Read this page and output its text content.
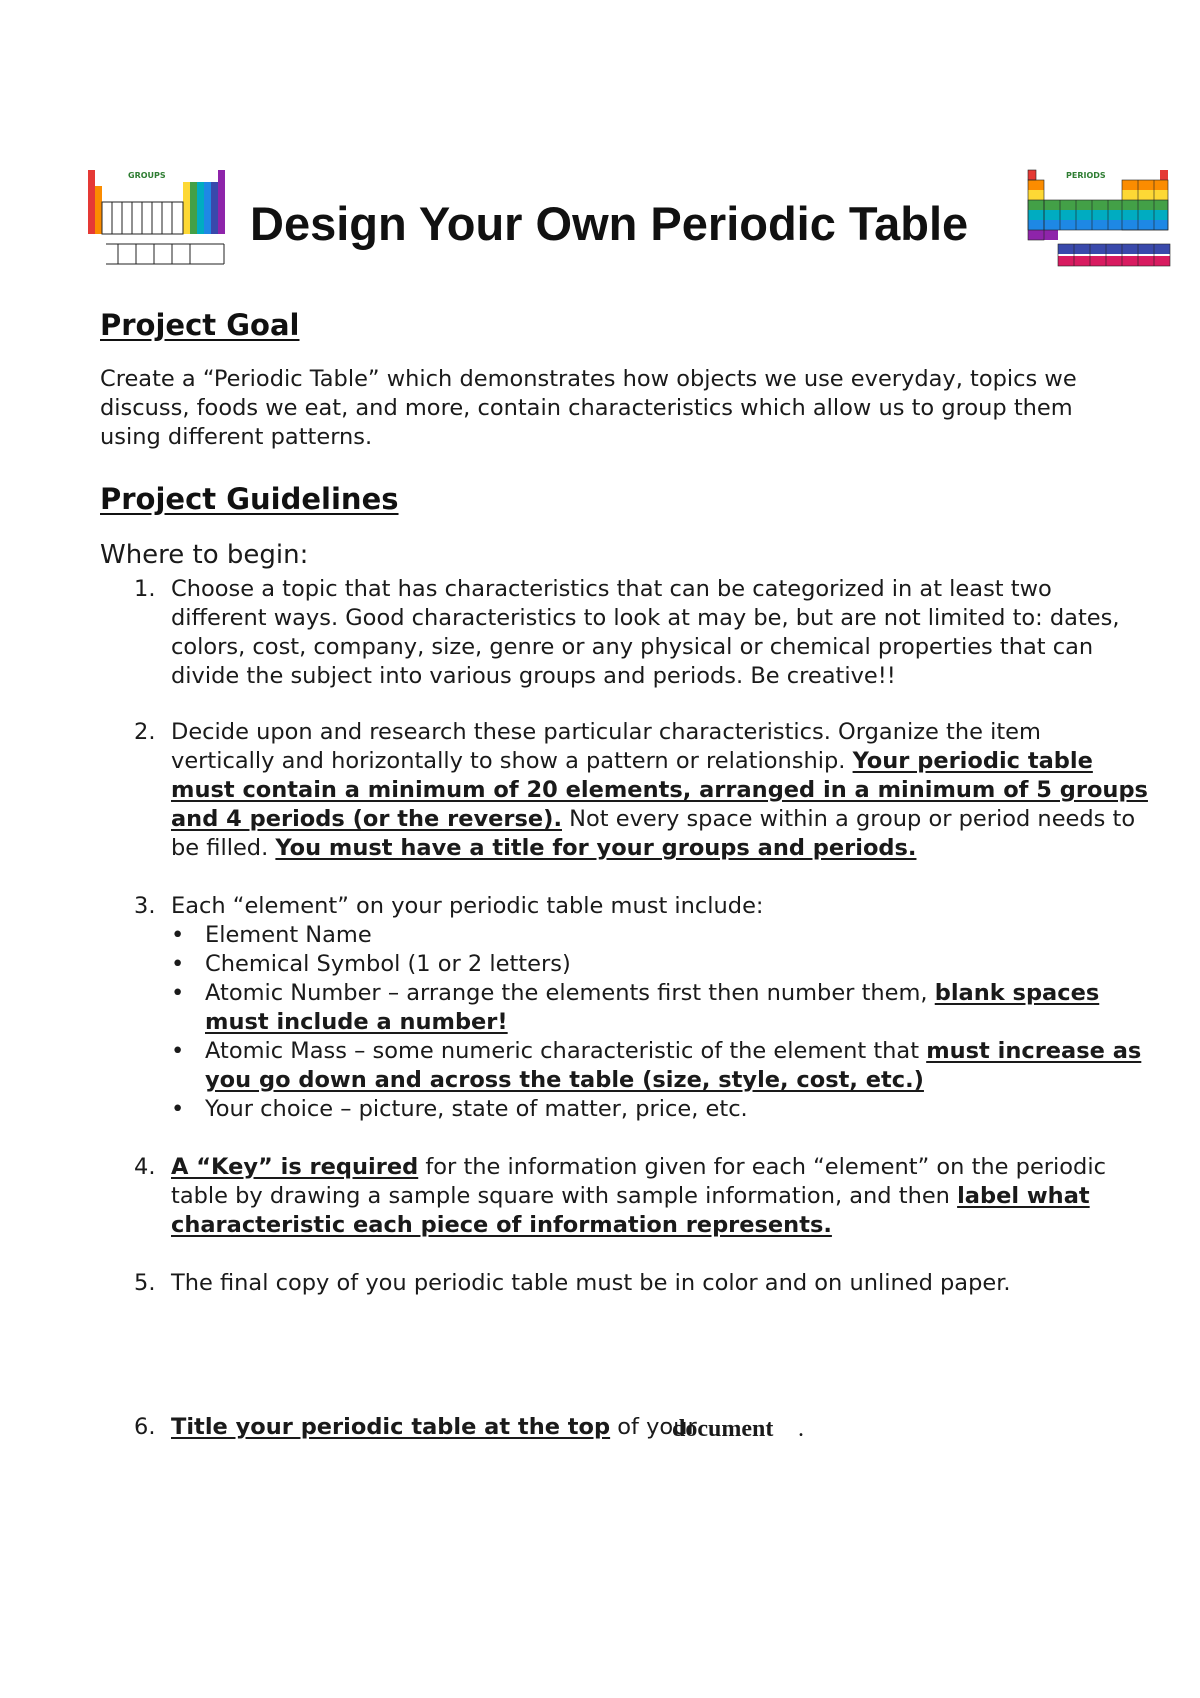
GROUPS
Design Your Own Periodic Table
PERIODS
Project Goal
Create a “Periodic Table” which demonstrates how objects we use everyday, topics we discuss, foods we eat, and more, contain characteristics which allow us to group them using different patterns.
Project Guidelines
Where to begin:
1. Choose a topic that has characteristics that can be categorized in at least two different ways. Good characteristics to look at may be, but are not limited to: dates, colors, cost, company, size, genre or any physical or chemical properties that can divide the subject into various groups and periods. Be creative!!
2. Decide upon and research these particular characteristics. Organize the item vertically and horizontally to show a pattern or relationship. Your periodic table must contain a minimum of 20 elements, arranged in a minimum of 5 groups and 4 periods (or the reverse). Not every space within a group or period needs to be filled. You must have a title for your groups and periods.
3. Each “element” on your periodic table must include:
• Element Name
• Chemical Symbol (1 or 2 letters)
• Atomic Number – arrange the elements first then number them, blank spaces must include a number!
• Atomic Mass – some numeric characteristic of the element that must increase as you go down and across the table (size, style, cost, etc.)
• Your choice – picture, state of matter, price, etc.
4. A “Key” is required for the information given for each “element” on the periodic table by drawing a sample square with sample information, and then label what characteristic each piece of information represents.
5. The final copy of you periodic table must be in color and on unlined paper.
6. Title your periodic table at the top of your
document .
